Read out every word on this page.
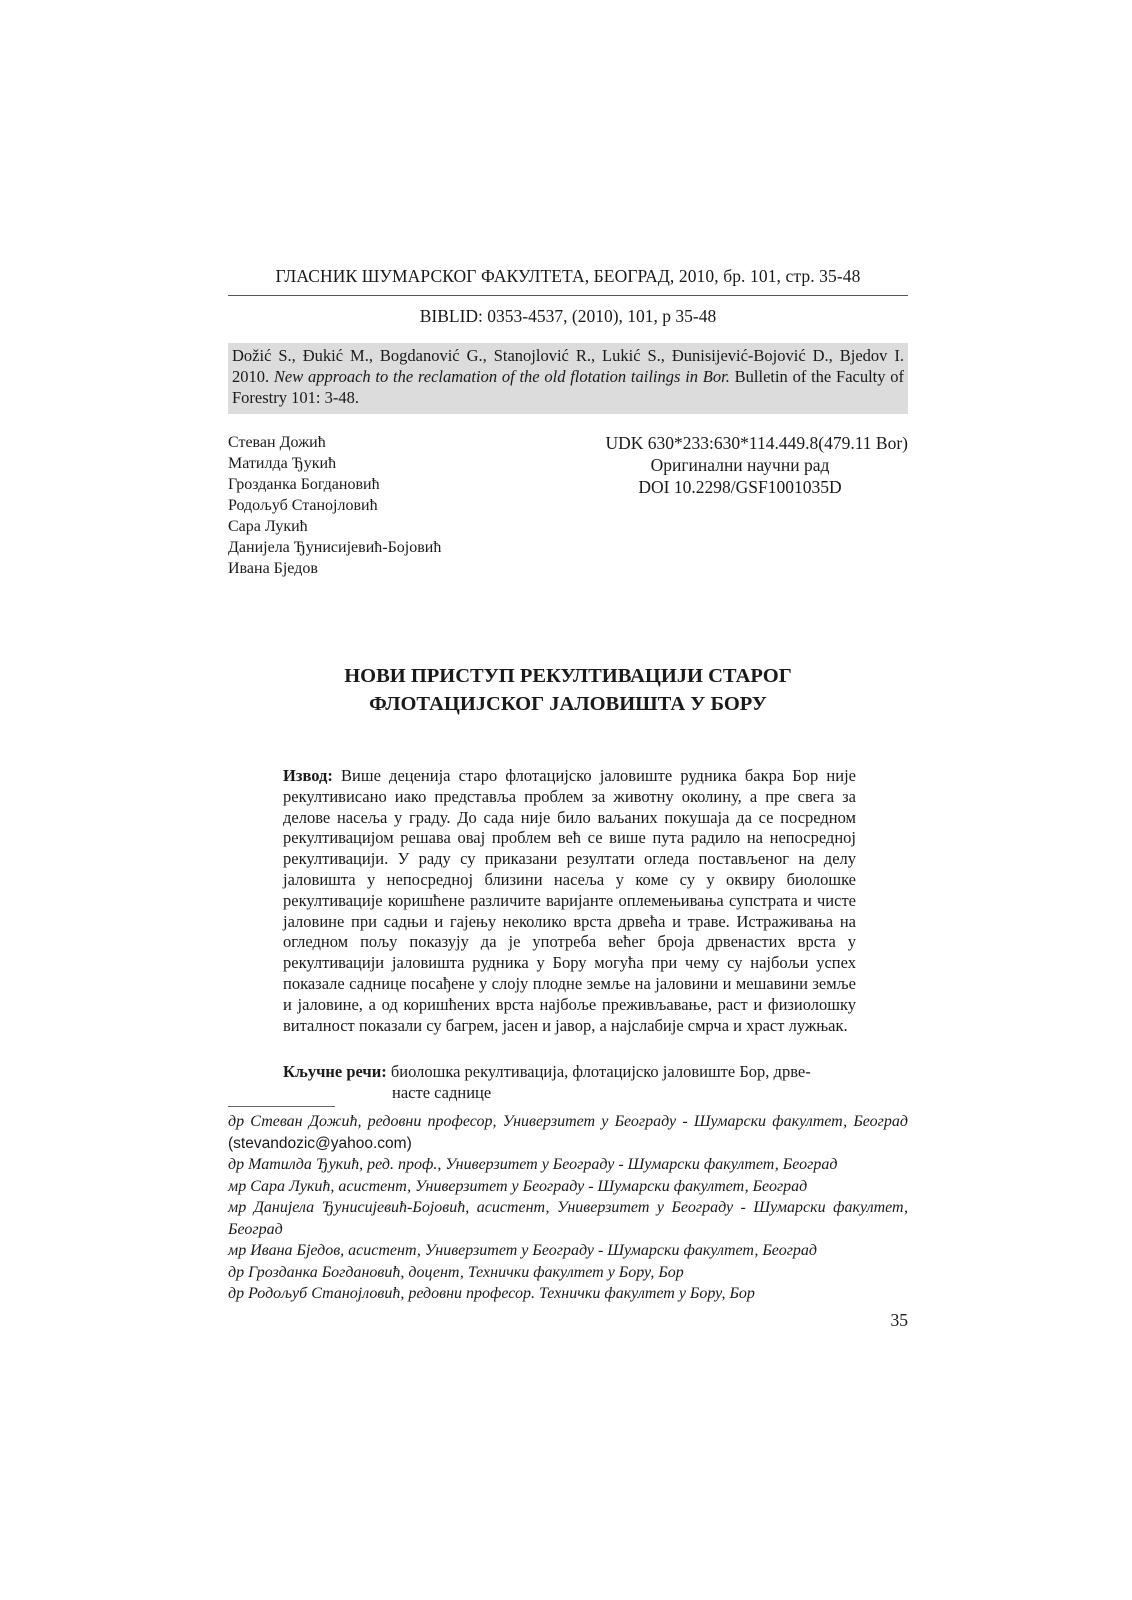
ГЛАСНИК ШУМАРСКОГ ФАКУЛТЕТА, БЕОГРАД, 2010, бр. 101, стр. 35-48
BIBLID: 0353-4537, (2010), 101, p 35-48
Dožić S., Đukić M., Bogdanović G., Stanojlović R., Lukić S., Đunisijević-Bojović D., Bjedov I. 2010. New approach to the reclamation of the old flotation tailings in Bor. Bulletin of the Faculty of Forestry 101: 3-48.
Стеван Дожић
Матилда Ђукић
Грозданка Богдановић
Родољуб Станојловић
Сара Лукић
Данијела Ђунисијевић-Бојовић
Ивана Бједов
UDK 630*233:630*114.449.8(479.11 Bor)
Оригинални научни рад
DOI 10.2298/GSF1001035D
НОВИ ПРИСТУП РЕКУЛТИВАЦИЈИ СТАРОГ
ФЛОТАЦИЈСКОГ ЈАЛОВИШТА У БОРУ
Извод: Више деценија старо флотацијско јаловиште рудника бакра Бор није рекултивисано иако представља проблем за животну околину, а пре свега за делове насеља у граду. До сада није било ваљаних покушаја да се посредном рекултивацијом решава овај проблем већ се више пута радило на непосредној рекултивацији. У раду су приказани резултати огледа постављеног на делу јаловишта у непосредној близини насеља у коме су у оквиру биолошке рекултивације коришћене различите варијанте оплемењивања супстрата и чисте јаловине при садњи и гајењу неколико врста дрвећа и траве. Истраживања на огледном пољу показују да је употреба већег броја дрвенастих врста у рекултивацији јаловишта рудника у Бору могућа при чему су најбољи успех показале саднице посађене у слоју плодне земље на јаловини и мешавини земље и јаловине, а од коришћених врста најбоље преживљавање, раст и физиолошку виталност показали су багрем, јасен и јавор, а најслабије смрча и храст лужњак.
Кључне речи: биолошка рекултивација, флотацијско јаловиште Бор, дрве-
насте саднице
др Стеван Дожић, редовни професор, Универзитет у Београду - Шумарски факултет, Београд (stevandozic@yahoo.com)
др Матилда Ђукић, ред. проф., Универзитет у Београду - Шумарски факултет, Београд
мр Сара Лукић, асистент, Универзитет у Београду - Шумарски факултет, Београд
мр Данијела Ђунисијевић-Бојовић, асистент, Универзитет у Београду - Шумарски факултет, Београд
мр Ивана Бједов, асистент, Универзитет у Београду - Шумарски факултет, Београд
др Грозданка Богдановић, доцент, Технички факултет у Бору, Бор
др Родољуб Станојловић, редовни професор. Технички факултет у Бору, Бор
35
